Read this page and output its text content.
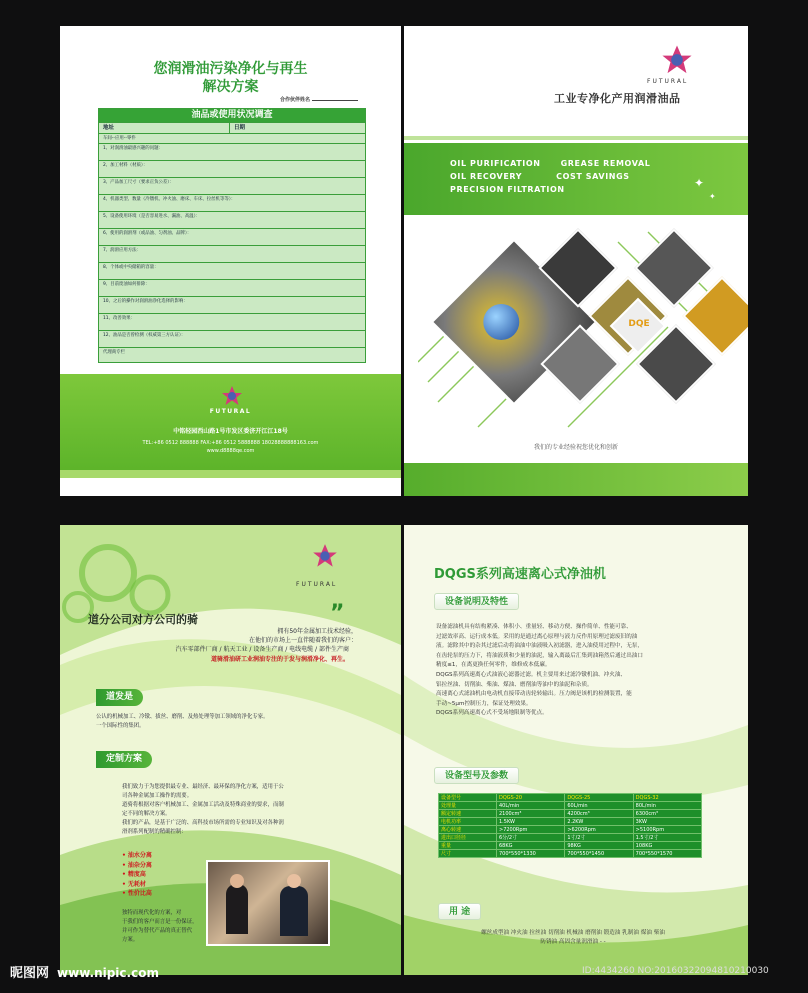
您润滑油污染净化与再生
解决方案
合作伙伴姓名
油品或使用状况调查
地址	日期
车间--应用--零件
1、对润滑油最感兴趣的问题：
2、加工材料（材质）：
3、产品加工尺寸（要求正负公差）：
4、机器类型、数量（冷镦机、冲火油、磨床、车床、拉丝机等等）：
5、设备使用环境（是否容易进水、漏油、高温）：
6、使用的润滑剂（或品油、匀剂油、品牌）：
7、润滑应用方法：
8、个体或中央储箱的容量：
9、目前废油如何排除：
10、之后的操作对润滑油净化选择的影响：
11、改善效果：
12、油品是否曾检测（权威第三方认证）：
代理商专栏
FUTURAL
中铭轻园西山路1号市发区委济开江江18号
TEL:+86 0512 888888 FAX:+86 0512 5888888 18028888888163.com
www.d8888qe.com
FUTURAL
工业专净化产用润滑油品
OIL PURIFICATION	GREASE REMOVAL
OIL RECOVERY	COST SAVINGS
PRECISION FILTRATION	✦
✦
DQE
我们的专业经验祝您优化和创新
FUTURAL
道分公司对方公司的骑	”
拥有50年金属加工技术经验，
在他们的市场上一直伴随着我们的客户：
汽车零部件厂商 / 航天工业 / 设备生产商 / 电线电缆 / 部件生产商
道骑滑油研工业润油专注的于发与润滑净化、再生。
道发是
公认的机械加工、冷镦、拔丝、磨削、及热处理等加工领域的净化专家。
一个国际性的集团。
定制方案
我们致力于为您提供最专业、最经济、最环保的净化方案，适用于公
司各种金属加工操作的需要。
道骑将根据对客户机械加工、金属加工活动及特殊商业的要求，而制
定不同的解决方案。
我们的产品，是基于广泛的、高科技市场所需的专业知识及对各种润
滑剂系列配制的精确控制：
• 油水分离
• 油杂分离
• 精度高
• 无耗材
• 性价比高
独特而现代化的方案，对
于我们的客户而言是一份保证，
并可作为替代产品的真正替代
方案。
DQGS系列高速离心式净油机
设备说明及特性
设备滤油机具有结构紧凑、体积小、重量轻、移动方便、操作简单、性能可靠、
过滤效率高、运行成本低。采用的是通过离心原理与液力反作用原理过滤废旧的油
液。滤除其中的杂其过滤后动将油油中油液吸入初滤器，进入油使用过程中，无泵，
在齿轮泵的压力下，将油液质和少量的油泥，输入离最后汇集到油箱然后通过出油口
精度≤1，在离更换任何零件，维修成本低廉。
DQGS系列高速离心式油液心滤器过滤。机主要用来过滤冷镦机油、冲火油、
铝拉丝油、切削油、柴油、煤油、磨削油等油中的油泥和杂质。
高速离心式滤油机由电动机直接带动齿轮转输出。压力阀是该机的检测装置，能
手动~5μm控制压力，保证处理效果。
DQGS系列高速离心式不受场地限制等优点。
设备型号及参数
设备型号	DQGS-20	DQGS-25	DQGS-32
处理量	40L/min	60L/min	80L/min
额定转速	2100cm³	4200cm³	6300cm³
电机功率	1.5KW	2.2KW	3KW
离心转速	>7200Rpm	>6200Rpm	>5100Rpm
进出口径径	6分/2寸	1寸/2寸	1.5寸/2寸
重量	68KG	98KG	108KG
尺寸	700*550*1330	700*550*1450	700*550*1570
用 途
螺丝成型油 冲火油 拉丝油 切削油 机械油 磨削油 锻造油 乳制油 煤油 柴油
防锈油 高固含量润滑油 - -
昵图网 www.nipic.com	ID:4434260 NO:20160322094810210030
